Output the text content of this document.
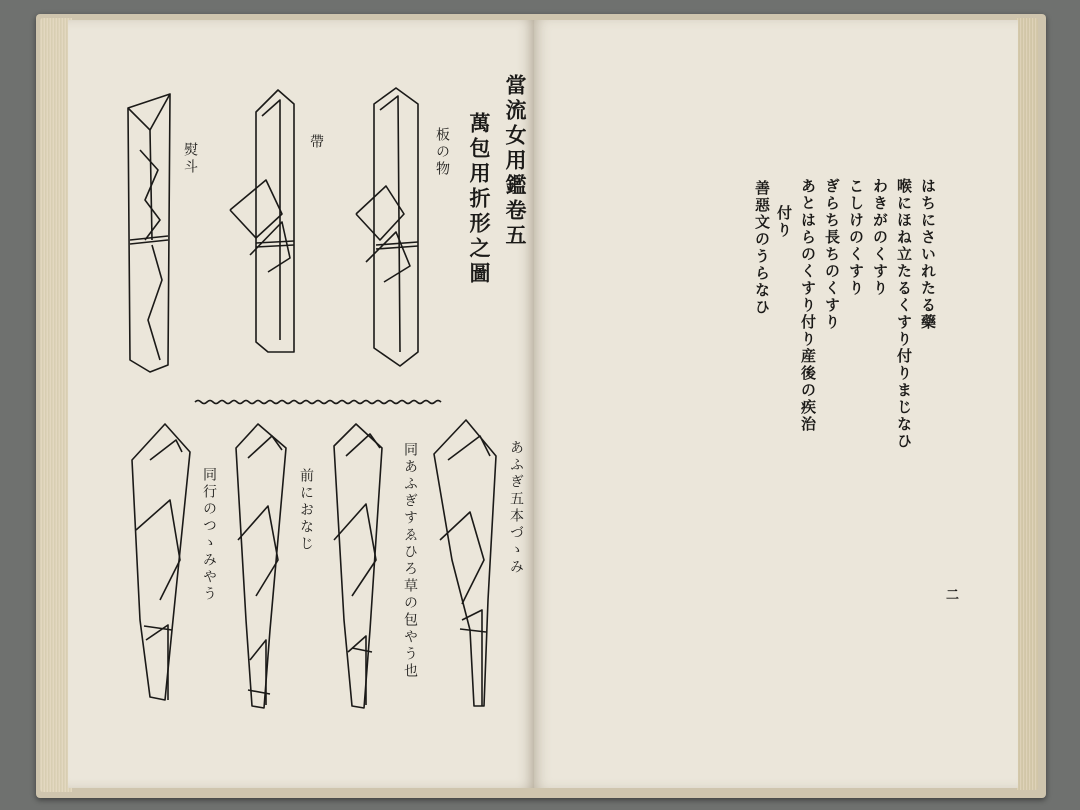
當流女用鑑卷五
萬包用折形之圖
板の物
帶
熨斗
あふぎ五本づゝみ
同あふぎすゑひろ草の包やう也
前におなじ
同行のつゝみやう
はちにさいれたる藥
喉にほね立たるくすり付りまじなひ
わきがのくすり
こしけのくすり
ぎらち長ちのくすり
あとはらのくすり付り産後の疾治
付り
善惡文のうらなひ
二
